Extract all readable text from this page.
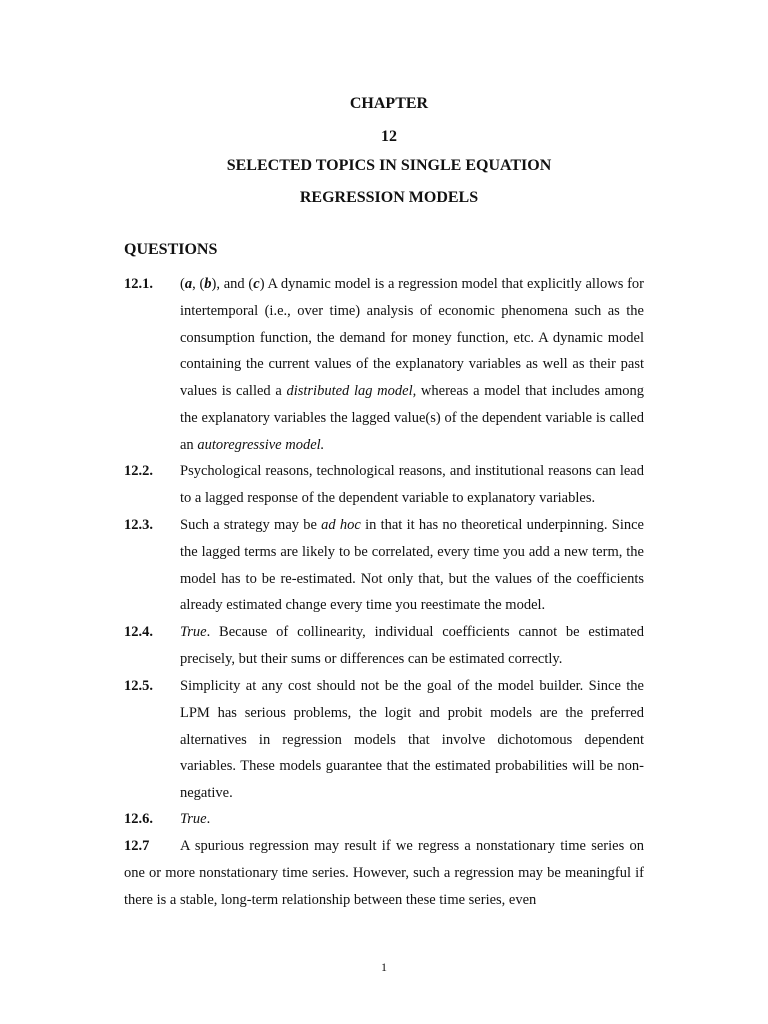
CHAPTER
12
SELECTED TOPICS IN SINGLE EQUATION
REGRESSION MODELS
QUESTIONS
12.1. (a, (b), and (c) A dynamic model is a regression model that explicitly allows for intertemporal (i.e., over time) analysis of economic phenomena such as the consumption function, the demand for money function, etc. A dynamic model containing the current values of the explanatory variables as well as their past values is called a distributed lag model, whereas a model that includes among the explanatory variables the lagged value(s) of the dependent variable is called an autoregressive model.
12.2. Psychological reasons, technological reasons, and institutional reasons can lead to a lagged response of the dependent variable to explanatory variables.
12.3. Such a strategy may be ad hoc in that it has no theoretical underpinning. Since the lagged terms are likely to be correlated, every time you add a new term, the model has to be re-estimated. Not only that, but the values of the coefficients already estimated change every time you reestimate the model.
12.4. True. Because of collinearity, individual coefficients cannot be estimated precisely, but their sums or differences can be estimated correctly.
12.5. Simplicity at any cost should not be the goal of the model builder. Since the LPM has serious problems, the logit and probit models are the preferred alternatives in regression models that involve dichotomous dependent variables. These models guarantee that the estimated probabilities will be non-negative.
12.6. True.
12.7	A spurious regression may result if we regress a nonstationary time series on one or more nonstationary time series. However, such a regression may be meaningful if there is a stable, long-term relationship between these time series, even
1
